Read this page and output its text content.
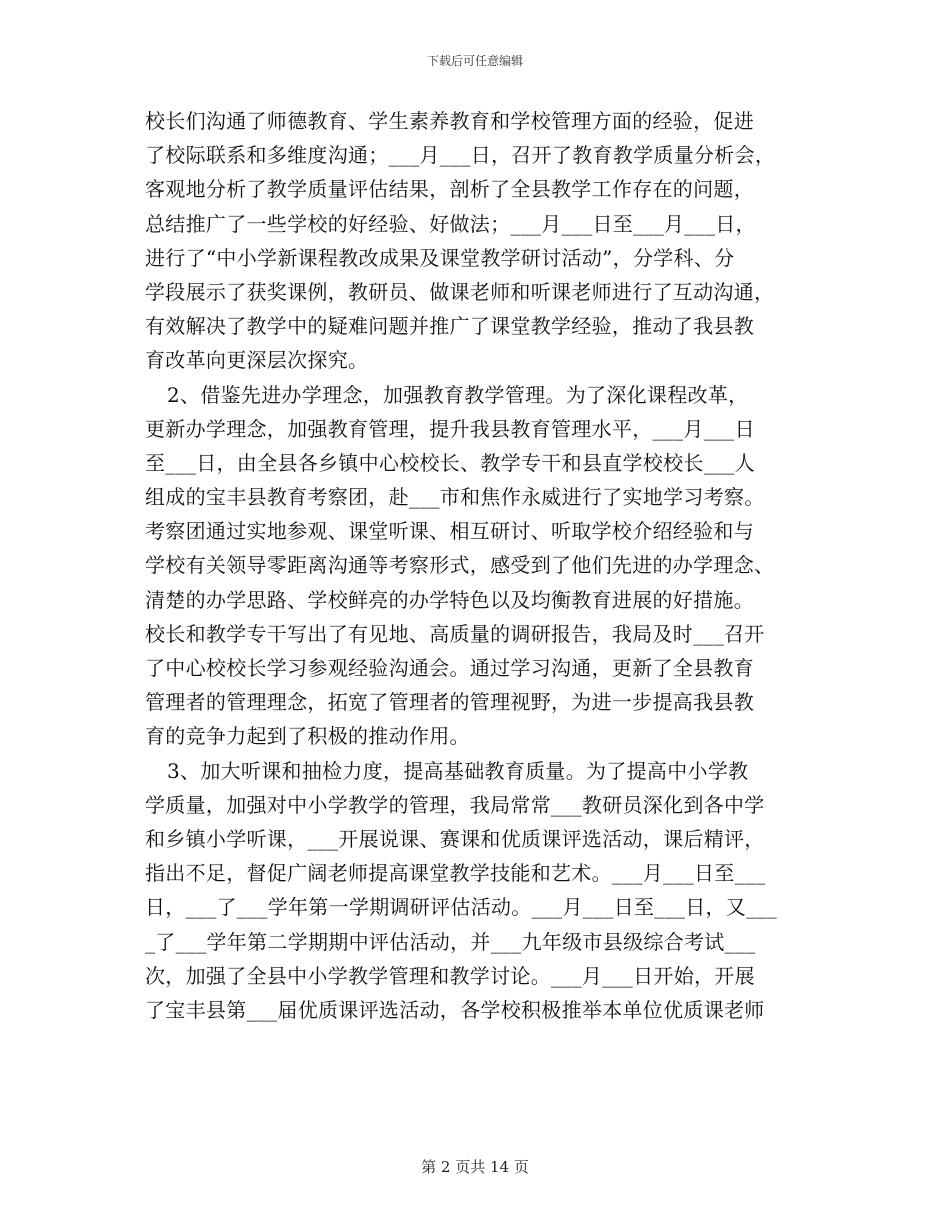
下载后可任意编辑
校长们沟通了师德教育、学生素养教育和学校管理方面的经验，促进
了校际联系和多维度沟通；___月___日，召开了教育教学质量分析会，
客观地分析了教学质量评估结果，剖析了全县教学工作存在的问题，
总结推广了一些学校的好经验、好做法；___月___日至___月___日，
进行了“中小学新课程教改成果及课堂教学研讨活动”，分学科、分
学段展示了获奖课例，教研员、做课老师和听课老师进行了互动沟通，
有效解决了教学中的疑难问题并推广了课堂教学经验，推动了我县教
育改革向更深层次探究。
2、借鉴先进办学理念，加强教育教学管理。为了深化课程改革，
更新办学理念，加强教育管理，提升我县教育管理水平，___月___日
至___日，由全县各乡镇中心校校长、教学专干和县直学校校长___人
组成的宝丰县教育考察团，赴___市和焦作永威进行了实地学习考察。
考察团通过实地参观、课堂听课、相互研讨、听取学校介绍经验和与
学校有关领导零距离沟通等考察形式，感受到了他们先进的办学理念、
清楚的办学思路、学校鲜亮的办学特色以及均衡教育进展的好措施。
校长和教学专干写出了有见地、高质量的调研报告，我局及时___召开
了中心校校长学习参观经验沟通会。通过学习沟通，更新了全县教育
管理者的管理理念，拓宽了管理者的管理视野，为进一步提高我县教
育的竞争力起到了积极的推动作用。
3、加大听课和抽检力度，提高基础教育质量。为了提高中小学教
学质量，加强对中小学教学的管理，我局常常___教研员深化到各中学
和乡镇小学听课，___开展说课、赛课和优质课评选活动，课后精评，
指出不足，督促广阔老师提高课堂教学技能和艺术。___月___日至___
日，___了___学年第一学期调研评估活动。___月___日至___日，又___
_了___学年第二学期期中评估活动，并___九年级市县级综合考试___
次，加强了全县中小学教学管理和教学讨论。___月___日开始，开展
了宝丰县第___届优质课评选活动，各学校积极推举本单位优质课老师
第 2 页共 14 页
